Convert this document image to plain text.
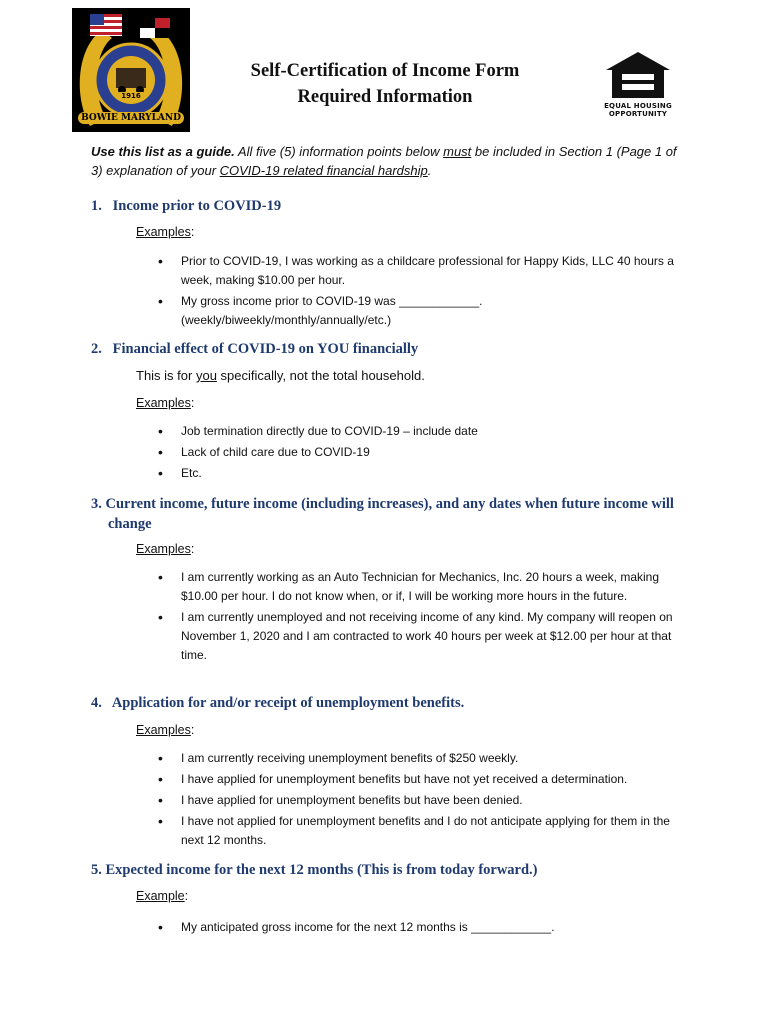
BOWIE MARYLAND
1916
Self-Certification of Income Form
Required Information	EQUAL HOUSING
OPPORTUNITY
Use this list as a guide. All five (5) information points below must be included in Section 1 (Page 1 of 3) explanation of your COVID-19 related financial hardship.
1. Income prior to COVID-19
Examples:
• Prior to COVID-19, I was working as a childcare professional for Happy Kids, LLC 40 hours a week, making $10.00 per hour.
• My gross income prior to COVID-19 was ____________. (weekly/biweekly/monthly/annually/etc.)
2. Financial effect of COVID-19 on YOU financially
This is for you specifically, not the total household.
Examples:
• Job termination directly due to COVID-19 – include date
• Lack of child care due to COVID-19
• Etc.
3. Current income, future income (including increases), and any dates when future income will change
Examples:
• I am currently working as an Auto Technician for Mechanics, Inc. 20 hours a week, making $10.00 per hour. I do not know when, or if, I will be working more hours in the future.
• I am currently unemployed and not receiving income of any kind. My company will reopen on November 1, 2020 and I am contracted to work 40 hours per week at $12.00 per hour at that time.
4. Application for and/or receipt of unemployment benefits.
Examples:
• I am currently receiving unemployment benefits of $250 weekly.
• I have applied for unemployment benefits but have not yet received a determination.
• I have applied for unemployment benefits but have been denied.
• I have not applied for unemployment benefits and I do not anticipate applying for them in the next 12 months.
5. Expected income for the next 12 months (This is from today forward.)
Example:
• My anticipated gross income for the next 12 months is ____________.
